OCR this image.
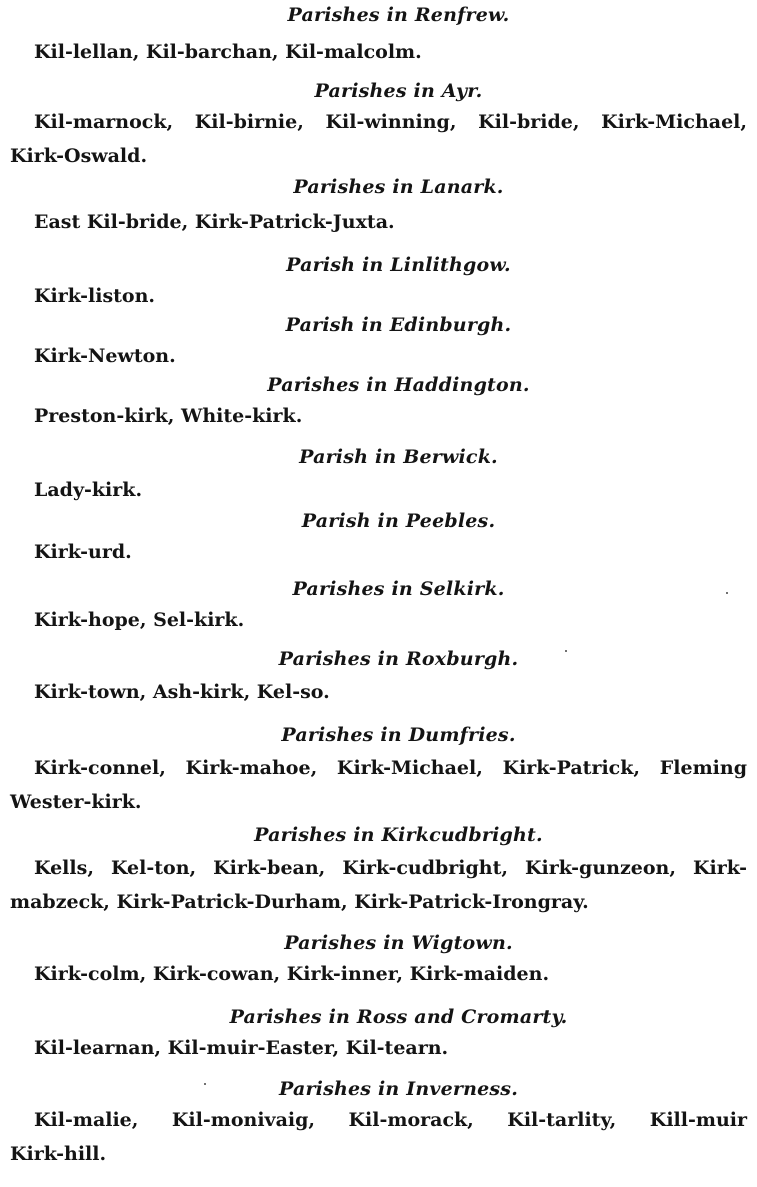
Parishes in Renfrew.
Kil-lellan, Kil-barchan, Kil-malcolm.
Parishes in Ayr.
Kil-marnock, Kil-birnie, Kil-winning, Kil-bride, Kirk-Michael,
Kirk-Oswald.
Parishes in Lanark.
East Kil-bride, Kirk-Patrick-Juxta.
Parish in Linlithgow.
Kirk-liston.
Parish in Edinburgh.
Kirk-Newton.
Parishes in Haddington.
Preston-kirk, White-kirk.
Parish in Berwick.
Lady-kirk.
Parish in Peebles.
Kirk-urd.
Parishes in Selkirk.
Kirk-hope, Sel-kirk.
Parishes in Roxburgh.
Kirk-town, Ash-kirk, Kel-so.
Parishes in Dumfries.
Kirk-connel, Kirk-mahoe, Kirk-Michael, Kirk-Patrick, Fleming
Wester-kirk.
Parishes in Kirkcudbright.
Kells, Kel-ton, Kirk-bean, Kirk-cudbright, Kirk-gunzeon, Kirk-
mabzeck, Kirk-Patrick-Durham, Kirk-Patrick-Irongray.
Parishes in Wigtown.
Kirk-colm, Kirk-cowan, Kirk-inner, Kirk-maiden.
Parishes in Ross and Cromarty.
Kil-learnan, Kil-muir-Easter, Kil-tearn.
Parishes in Inverness.
Kil-malie, Kil-monivaig, Kil-morack, Kil-tarlity, Kill-muir
Kirk-hill.
